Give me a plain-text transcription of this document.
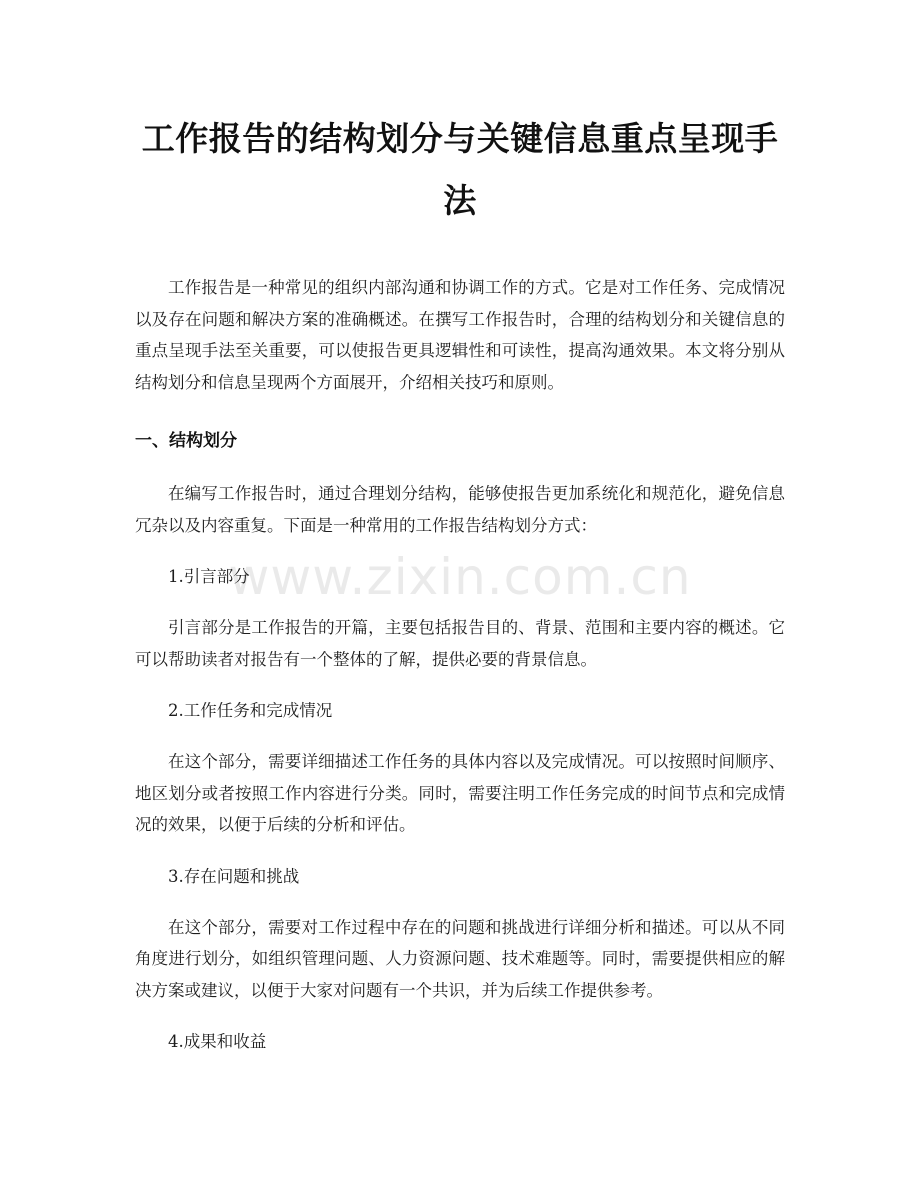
www.zixin.com.cn
工作报告的结构划分与关键信息重点呈现手法

工作报告是一种常见的组织内部沟通和协调工作的方式。它是对工作任务、完成情况以及存在问题和解决方案的准确概述。在撰写工作报告时，合理的结构划分和关键信息的重点呈现手法至关重要，可以使报告更具逻辑性和可读性，提高沟通效果。本文将分别从结构划分和信息呈现两个方面展开，介绍相关技巧和原则。

一、结构划分

在编写工作报告时，通过合理划分结构，能够使报告更加系统化和规范化，避免信息冗杂以及内容重复。下面是一种常用的工作报告结构划分方式：

1.引言部分

引言部分是工作报告的开篇，主要包括报告目的、背景、范围和主要内容的概述。它可以帮助读者对报告有一个整体的了解，提供必要的背景信息。

2.工作任务和完成情况

在这个部分，需要详细描述工作任务的具体内容以及完成情况。可以按照时间顺序、地区划分或者按照工作内容进行分类。同时，需要注明工作任务完成的时间节点和完成情况的效果，以便于后续的分析和评估。

3.存在问题和挑战

在这个部分，需要对工作过程中存在的问题和挑战进行详细分析和描述。可以从不同角度进行划分，如组织管理问题、人力资源问题、技术难题等。同时，需要提供相应的解决方案或建议，以便于大家对问题有一个共识，并为后续工作提供参考。

4.成果和收益
